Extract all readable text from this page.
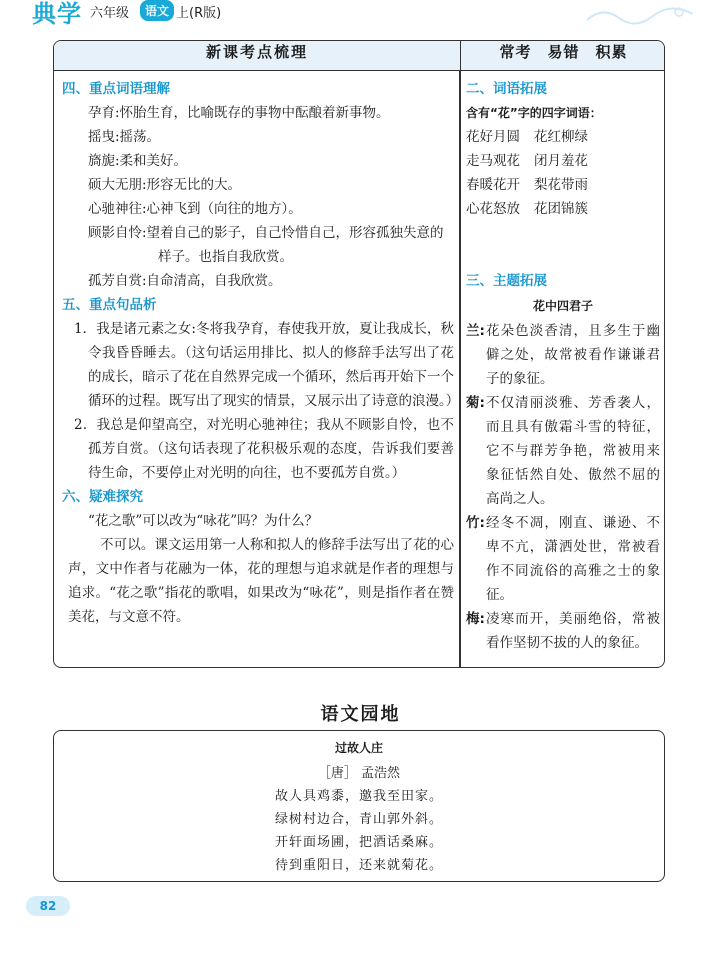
典学 六年级	语文 上(R版)
新课考点梳理	常考　易错　积累
四、重点词语理解
孕育:怀胎生育，比喻既存的事物中酝酿着新事物。
摇曳:摇荡。
旖旎:柔和美好。
硕大无朋:形容无比的大。
心驰神往:心神飞到（向往的地方）。
顾影自怜:望着自己的影子，自己怜惜自己，形容孤独失意的样子。也指自我欣赏。
孤芳自赏:自命清高，自我欣赏。
五、重点句品析
1．我是诸元素之女:冬将我孕育，春使我开放，夏让我成长，秋令我昏昏睡去。（这句话运用排比、拟人的修辞手法写出了花的成长，暗示了花在自然界完成一个循环，然后再开始下一个循环的过程。既写出了现实的情景，又展示出了诗意的浪漫。）
2．我总是仰望高空，对光明心驰神往；我从不顾影自怜，也不孤芳自赏。（这句话表现了花积极乐观的态度，告诉我们要善待生命，不要停止对光明的向往，也不要孤芳自赏。）
六、疑难探究
“花之歌”可以改为“咏花”吗？为什么？
不可以。课文运用第一人称和拟人的修辞手法写出了花的心声，文中作者与花融为一体，花的理想与追求就是作者的理想与追求。“花之歌”指花的歌唱，如果改为“咏花”，则是指作者在赞美花，与文意不符。
二、词语拓展
含有“花”字的四字词语：
花好月圆 花红柳绿
走马观花 闭月羞花
春暖花开 梨花带雨
心花怒放 花团锦簇
三、主题拓展
花中四君子
兰: 花朵色淡香清，且多生于幽僻之处，故常被看作谦谦君子的象征。
菊: 不仅清丽淡雅、芳香袭人，而且具有傲霜斗雪的特征，它不与群芳争艳，常被用来象征恬然自处、傲然不屈的高尚之人。
竹: 经冬不凋，刚直、谦逊、不卑不亢，潇洒处世，常被看作不同流俗的高雅之士的象征。
梅: 凌寒而开，美丽绝俗，常被看作坚韧不拔的人的象征。
语文园地
过故人庄
［唐］ 孟浩然
故人具鸡黍，邀我至田家。
绿树村边合，青山郭外斜。
开轩面场圃，把酒话桑麻。
待到重阳日，还来就菊花。
82
